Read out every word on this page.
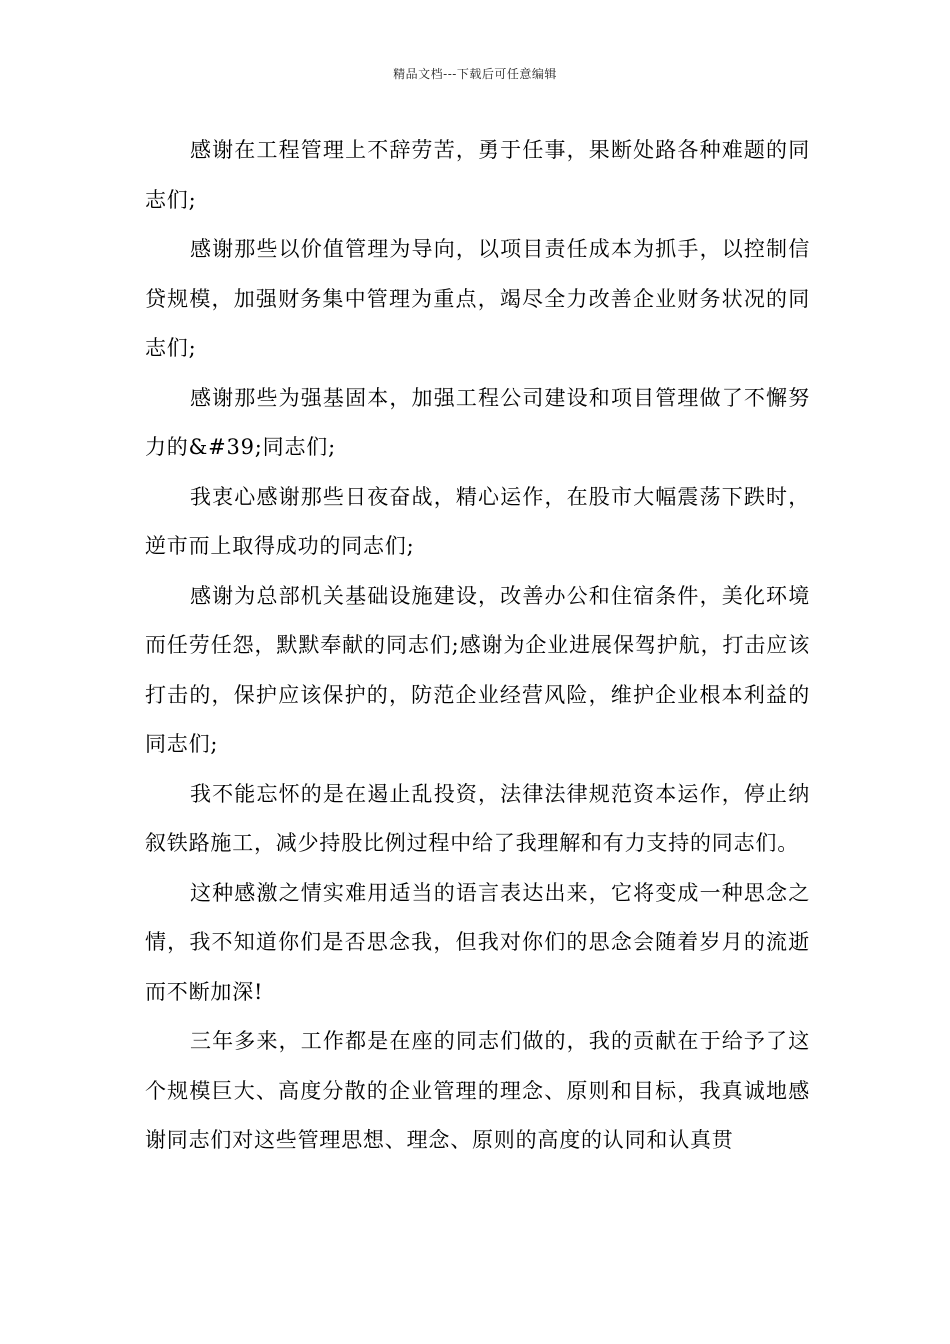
精品文档---下载后可任意编辑

感谢在工程管理上不辞劳苦，勇于任事，果断处路各种难题的同志们;

感谢那些以价值管理为导向，以项目责任成本为抓手，以控制信贷规模，加强财务集中管理为重点，竭尽全力改善企业财务状况的同志们;

感谢那些为强基固本，加强工程公司建设和项目管理做了不懈努力的&#39;同志们;

我衷心感谢那些日夜奋战，精心运作，在股市大幅震荡下跌时，逆市而上取得成功的同志们;

感谢为总部机关基础设施建设，改善办公和住宿条件，美化环境而任劳任怨，默默奉献的同志们;感谢为企业进展保驾护航，打击应该打击的，保护应该保护的，防范企业经营风险，维护企业根本利益的同志们;

我不能忘怀的是在遏止乱投资，法律法律规范资本运作，停止纳叙铁路施工，减少持股比例过程中给了我理解和有力支持的同志们。

这种感激之情实难用适当的语言表达出来，它将变成一种思念之情，我不知道你们是否思念我，但我对你们的思念会随着岁月的流逝而不断加深!

三年多来，工作都是在座的同志们做的，我的贡献在于给予了这个规模巨大、高度分散的企业管理的理念、原则和目标，我真诚地感谢同志们对这些管理思想、理念、原则的高度的认同和认真贯
